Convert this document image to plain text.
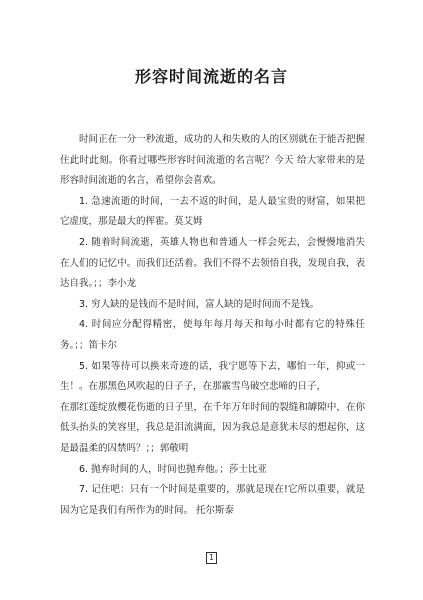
形容时间流逝的名言

时间正在一分一秒流逝，成功的人和失败的人的区别就在于能否把握住此时此刻。你看过哪些形容时间流逝的名言呢？今天 给大家带来的是形容时间流逝的名言，希望你会喜欢。

1. 急速流逝的时间，一去不返的时间，是人最宝贵的财富，如果把它虚度，那是最大的挥霍。莫艾姆

2. 随着时间流逝，英雄人物也和普通人一样会死去，会慢慢地消失在人们的记忆中。而我们还活着。我们不得不去领悟自我，发现自我，表达自我。；；李小龙

3. 穷人缺的是钱而不是时间，富人缺的是时间而不是钱。

4. 时间应分配得精密，使每年每月每天和每小时都有它的特殊任务。；；笛卡尔

5. 如果等待可以换来奇迹的话，我宁愿等下去，哪怕一年，抑或一生！。在那黑色风吹起的日子子，在那霰雪鸟破空悲啼的日子，

在那红莲绽放樱花伤逝的日子里，在千年万年时间的裂缝和罅隙中，在你低头抬头的笑容里，我总是泪流满面，因为我总是意犹未尽的想起你，这是最温柔的囚禁吗？；；郭敬明

6. 抛弃时间的人，时间也抛弃他。；莎士比亚

7. 记住吧：只有一个时间是重要的，那就是现在!它所以重要，就是因为它是我们有所作为的时间。 托尔斯泰

1
